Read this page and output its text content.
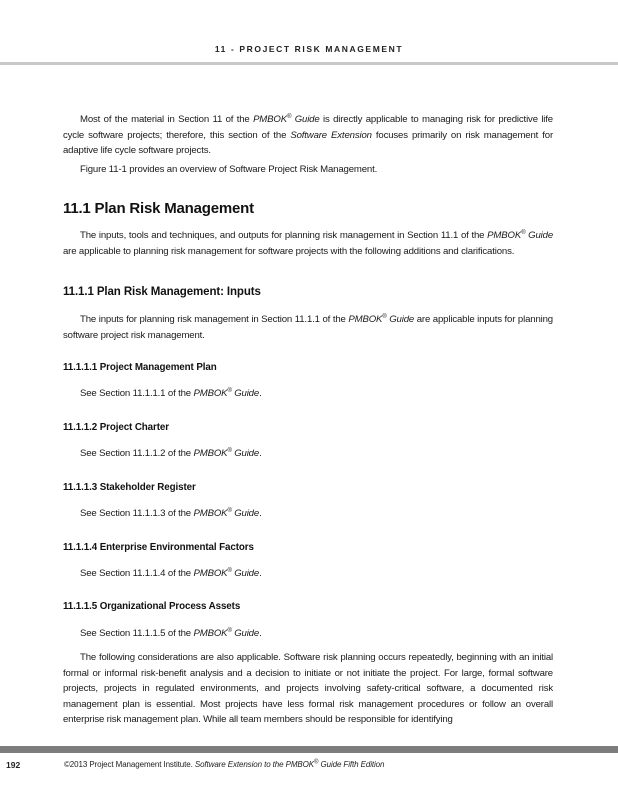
11 - PROJECT RISK MANAGEMENT

Most of the material in Section 11 of the PMBOK® Guide is directly applicable to managing risk for predictive life cycle software projects; therefore, this section of the Software Extension focuses primarily on risk management for adaptive life cycle software projects.

Figure 11-1 provides an overview of Software Project Risk Management.

11.1 Plan Risk Management

The inputs, tools and techniques, and outputs for planning risk management in Section 11.1 of the PMBOK® Guide are applicable to planning risk management for software projects with the following additions and clarifications.

11.1.1 Plan Risk Management: Inputs

The inputs for planning risk management in Section 11.1.1 of the PMBOK® Guide are applicable inputs for planning software project risk management.

11.1.1.1 Project Management Plan

See Section 11.1.1.1 of the PMBOK® Guide.

11.1.1.2 Project Charter

See Section 11.1.1.2 of the PMBOK® Guide.

11.1.1.3 Stakeholder Register

See Section 11.1.1.3 of the PMBOK® Guide.

11.1.1.4 Enterprise Environmental Factors

See Section 11.1.1.4 of the PMBOK® Guide.

11.1.1.5 Organizational Process Assets

See Section 11.1.1.5 of the PMBOK® Guide.

The following considerations are also applicable. Software risk planning occurs repeatedly, beginning with an initial formal or informal risk-benefit analysis and a decision to initiate or not initiate the project. For large, formal software projects, projects in regulated environments, and projects involving safety-critical software, a documented risk management plan is essential. Most projects have less formal risk management procedures or follow an overall enterprise risk management plan. While all team members should be responsible for identifying

192	©2013 Project Management Institute. Software Extension to the PMBOK® Guide Fifth Edition
